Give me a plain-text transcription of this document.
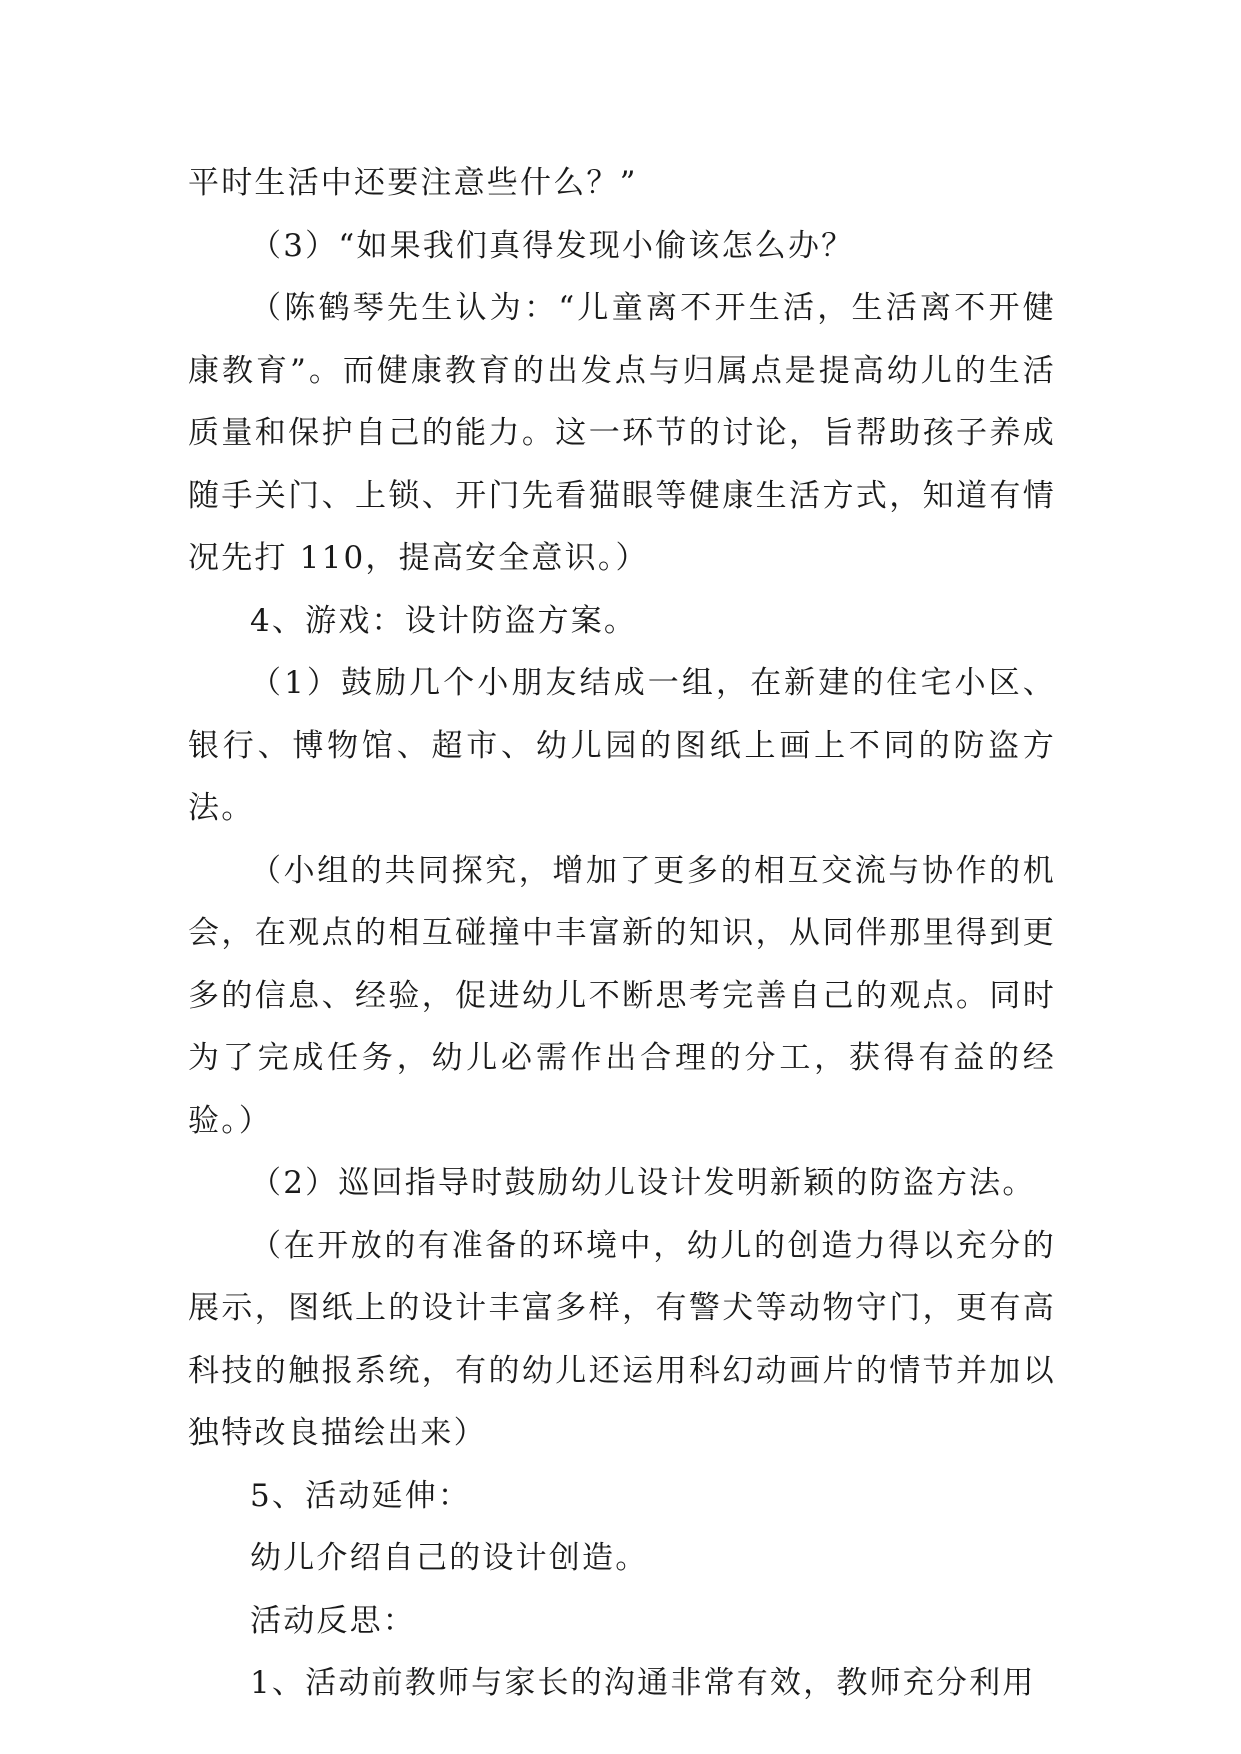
平时生活中还要注意些什么？”

（3）“如果我们真得发现小偷该怎么办？

（陈鹤琴先生认为：“儿童离不开生活，生活离不开健康教育”。而健康教育的出发点与归属点是提高幼儿的生活质量和保护自己的能力。这一环节的讨论，旨帮助孩子养成随手关门、上锁、开门先看猫眼等健康生活方式，知道有情况先打 110，提高安全意识。）

4、游戏：设计防盗方案。

（1）鼓励几个小朋友结成一组，在新建的住宅小区、银行、博物馆、超市、幼儿园的图纸上画上不同的防盗方法。

（小组的共同探究，增加了更多的相互交流与协作的机会，在观点的相互碰撞中丰富新的知识，从同伴那里得到更多的信息、经验，促进幼儿不断思考完善自己的观点。同时为了完成任务，幼儿必需作出合理的分工，获得有益的经验。）

（2）巡回指导时鼓励幼儿设计发明新颖的防盗方法。

（在开放的有准备的环境中，幼儿的创造力得以充分的展示，图纸上的设计丰富多样，有警犬等动物守门，更有高科技的触报系统，有的幼儿还运用科幻动画片的情节并加以独特改良描绘出来）

5、活动延伸：

幼儿介绍自己的设计创造。

活动反思：

1、活动前教师与家长的沟通非常有效，教师充分利用
